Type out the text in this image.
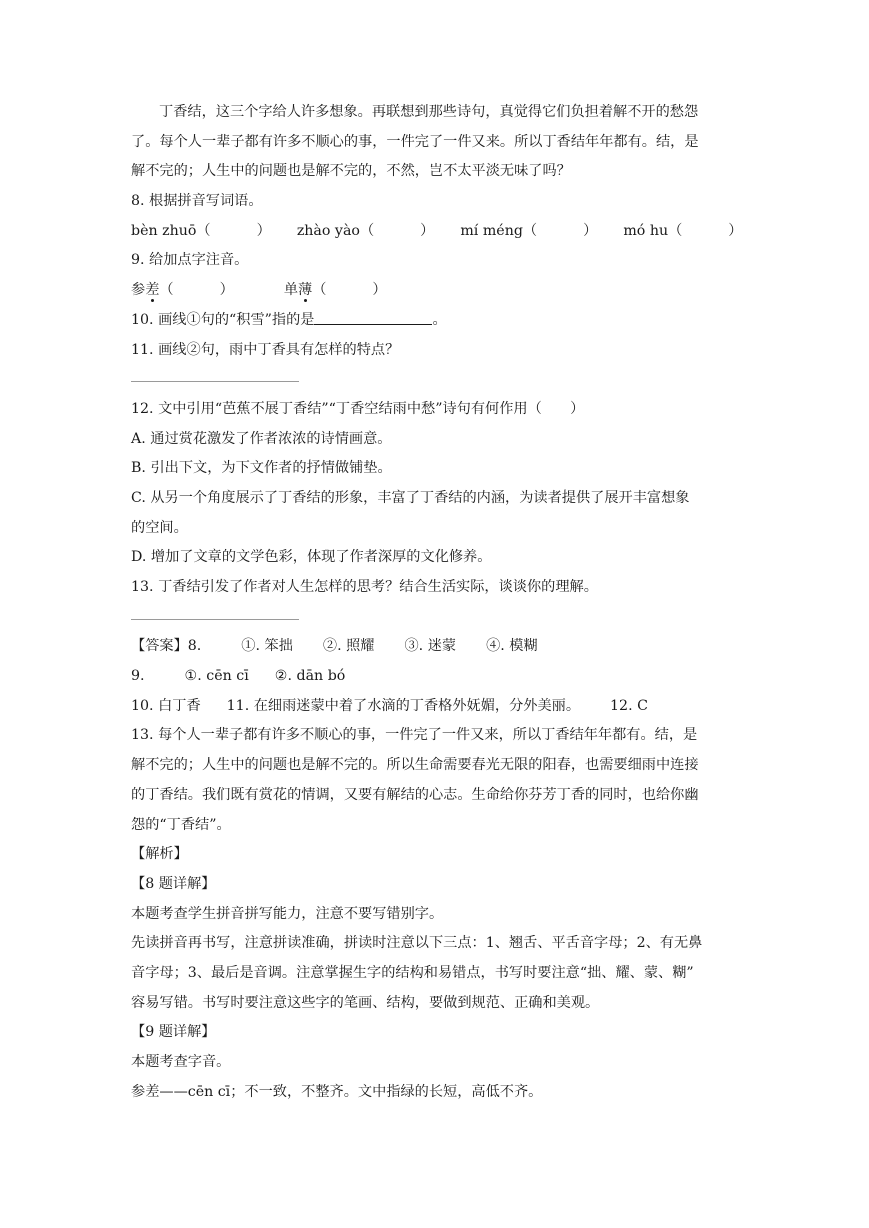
丁香结，这三个字给人许多想象。再联想到那些诗句，真觉得它们负担着解不开的愁怨
了。每个人一辈子都有许多不顺心的事，一件完了一件又来。所以丁香结年年都有。结，是
解不完的；人生中的问题也是解不完的，不然，岂不太平淡无味了吗？
8. 根据拼音写词语。
bèn zhuō（	） zhào yào（	） mí méng（	） mó hu（	）
9. 给加点字注音。
参差（	）	单薄（	）
10. 画线①句的“积雪”指的是	。
11. 画线②句，雨中丁香具有怎样的特点？
12. 文中引用“芭蕉不展丁香结”“丁香空结雨中愁”诗句有何作用（　　）
A. 通过赏花激发了作者浓浓的诗情画意。
B. 引出下文，为下文作者的抒情做铺垫。
C. 从另一个角度展示了丁香结的形象，丰富了丁香结的内涵，为读者提供了展开丰富想象
的空间。
D. 增加了文章的文学色彩，体现了作者深厚的文化修养。
13. 丁香结引发了作者对人生怎样的思考？结合生活实际，谈谈你的理解。
【答案】8.	①. 笨拙 ②. 照耀 ③. 迷蒙 ④. 模糊
9.	①. cēn cī ②. dān bó
10. 白丁香 11. 在细雨迷蒙中着了水滴的丁香格外妩媚，分外美丽。 12. C
13. 每个人一辈子都有许多不顺心的事，一件完了一件又来，所以丁香结年年都有。结，是
解不完的；人生中的问题也是解不完的。所以生命需要春光无限的阳春，也需要细雨中连接
的丁香结。我们既有赏花的情调，又要有解结的心志。生命给你芬芳丁香的同时，也给你幽
怨的“丁香结”。
【解析】
【8 题详解】
本题考查学生拼音拼写能力，注意不要写错别字。
先读拼音再书写，注意拼读准确，拼读时注意以下三点：1、翘舌、平舌音字母；2、有无鼻
音字母；3、最后是音调。注意掌握生字的结构和易错点，书写时要注意“拙、耀、蒙、糊”
容易写错。书写时要注意这些字的笔画、结构，要做到规范、正确和美观。
【9 题详解】
本题考查字音。
参差——cēn cī；不一致，不整齐。文中指绿的长短，高低不齐。
